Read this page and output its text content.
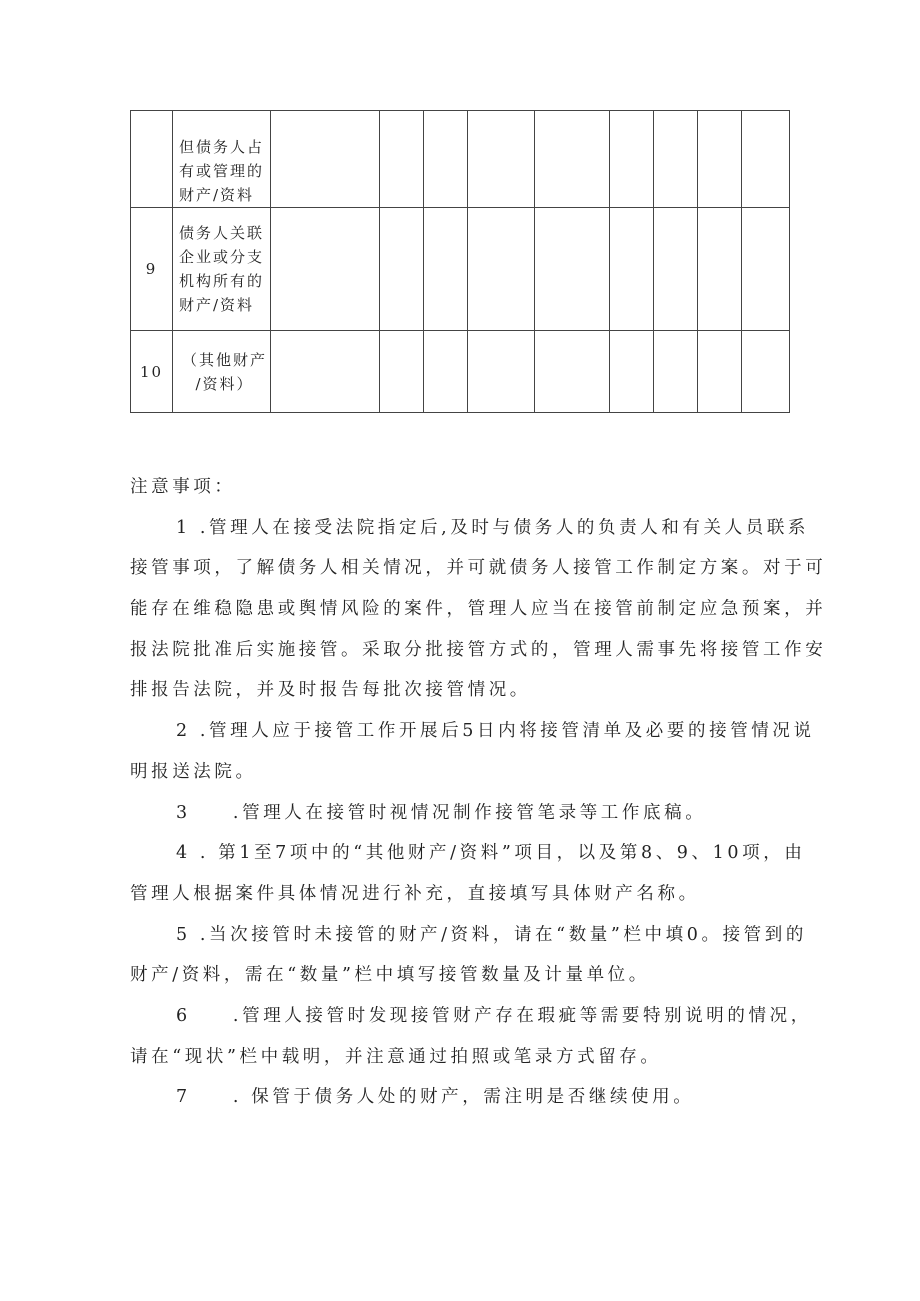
	但债务人占
有或管理的
财产/资料									

9	债务人关联
企业或分支
机构所有的
财产/资料									

10	（其他财产
/资料）									

注意事项：
1 .管理人在接受法院指定后,及时与债务人的负责人和有关人员联系
接管事项，了解债务人相关情况，并可就债务人接管工作制定方案。对于可
能存在维稳隐患或舆情风险的案件，管理人应当在接管前制定应急预案，并
报法院批准后实施接管。采取分批接管方式的，管理人需事先将接管工作安
排报告法院，并及时报告每批次接管情况。
2 .管理人应于接管工作开展后5日内将接管清单及必要的接管情况说
明报送法院。
3　　.管理人在接管时视情况制作接管笔录等工作底稿。
4 . 第1至7项中的“其他财产/资料”项目，以及第8、9、10项，由
管理人根据案件具体情况进行补充，直接填写具体财产名称。
5 .当次接管时未接管的财产/资料，请在“数量”栏中填0。接管到的
财产/资料，需在“数量”栏中填写接管数量及计量单位。
6　　.管理人接管时发现接管财产存在瑕疵等需要特别说明的情况，
请在“现状”栏中载明，并注意通过拍照或笔录方式留存。
7　　. 保管于债务人处的财产，需注明是否继续使用。
